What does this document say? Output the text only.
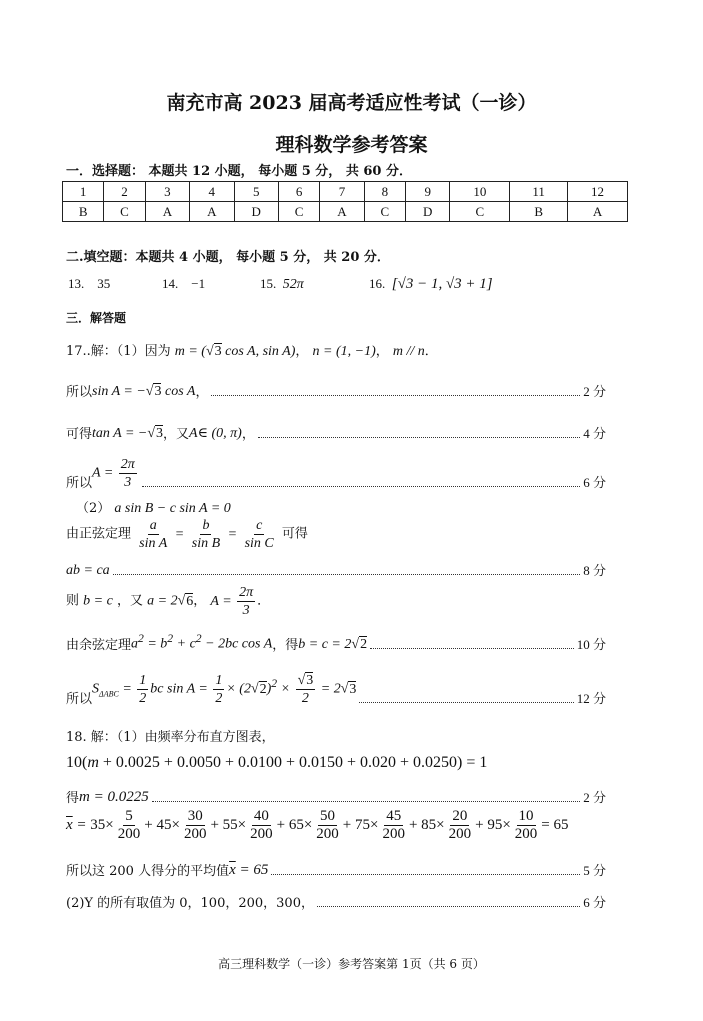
南充市高 2023 届高考适应性考试（一诊）
理科数学参考答案
一．选择题： 本题共 12 小题， 每小题 5 分， 共 60 分．
1	2	3	4	5	6	7	8	9	10	11	12
B	C	A	A	D	C	A	C	D	C	B	A
二.填空题：本题共 4 小题， 每小题 5 分， 共 20 分．
13. 35	14. −1	15. 52π	16. [√3 − 1, √3 + 1]
三．解答题
17..解：（1）因为 m = (√3 cos A, sin A)， n = (1, −1)， m // n．
所以 sin A = −√3 cos A ，	2 分
可得 tan A = −√3 ，又 A∈ (0, π) ，	4 分
所以
$A = \frac{2\pi}{3}$	6 分
（2） a sin B − c sin A = 0
由正弦定理 $\frac{a}{\text{sin A}} = \frac{b}{\text{sin B}} = \frac{c}{\text{sin C}}$ 可得
ab = ca	8 分
则 b = c ，又 a = 2√6， $A = \frac{2\pi}{3}$ ．
由余弦定理 $a^2 = b^2 + c^2 - 2bc$ cos A ，得 b = c = 2√2	10 分
所以
$S_{\Delta ABC} = \frac{1}{2}$ bc $\sin A = \frac{1}{2} \times (2√2)^2 \times \frac{√3}{2} = 2√3$
12 分
18. 解：（1）由频率分布直方图表，
10(m + 0.0025 + 0.0050 + 0.0100 + 0.0150 + 0.020 + 0.0250) = 1
得 m = 0.0225	2 分
$\overline{x} = 35\times \frac{5}{200} + 45\times \frac{30}{200} + 55\times \frac{40}{200} + 65\times \frac{50}{200} + 75\times \frac{45}{200} + 85\times \frac{20}{200} + 95\times \frac{10}{200} = 65$
所以这 200 人得分的平均值 $\overline{x} = 65$	5 分
(2)Y 的所有取值为 0，100，200，300，	6 分
高三理科数学（一诊）参考答案第 1页（共 6 页）
